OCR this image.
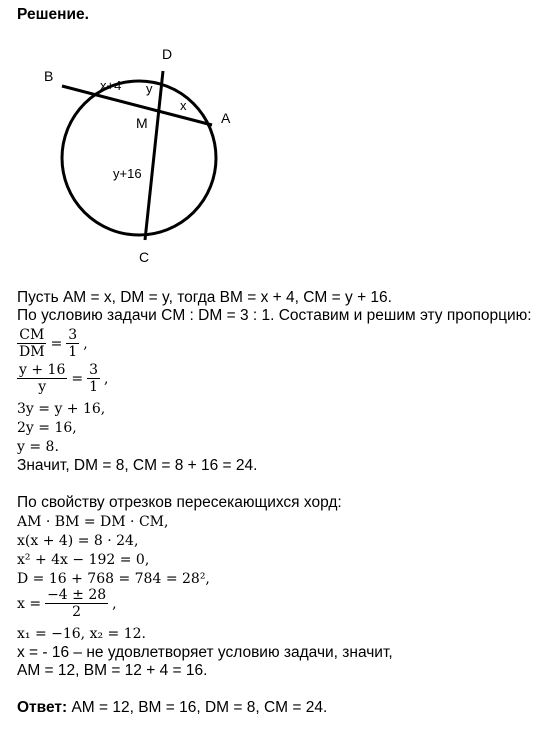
Решение.
B
D
A
M
C
x+4 y
x
y+16
Пусть AM = x, DM = y, тогда BM = x + 4, CM = y + 16.
По условию задачи CM : DM = 3 : 1. Составим и решим эту пропорцию:
$\frac{CM}{DM} = \frac{3}{1}$ ,
$\frac{y + 16}{y} = \frac{3}{1}$ ,
3y = y + 16,
2y = 16,
y = 8.
Значит, DM = 8, CM = 8 + 16 = 24.
По свойству отрезков пересекающихся хорд:
AM · BM = DM · CM,
x(x + 4) = 8 · 24,
x² + 4x − 192 = 0,
D = 16 + 768 = 784 = 28²,
$x = \frac{-4 \pm 28}{2}$ ,
x₁ = −16, x₂ = 12.
x = - 16 – не удовлетворяет условию задачи, значит,
AM = 12, BM = 12 + 4 = 16.
Ответ: AM = 12, BM = 16, DM = 8, CM = 24.
